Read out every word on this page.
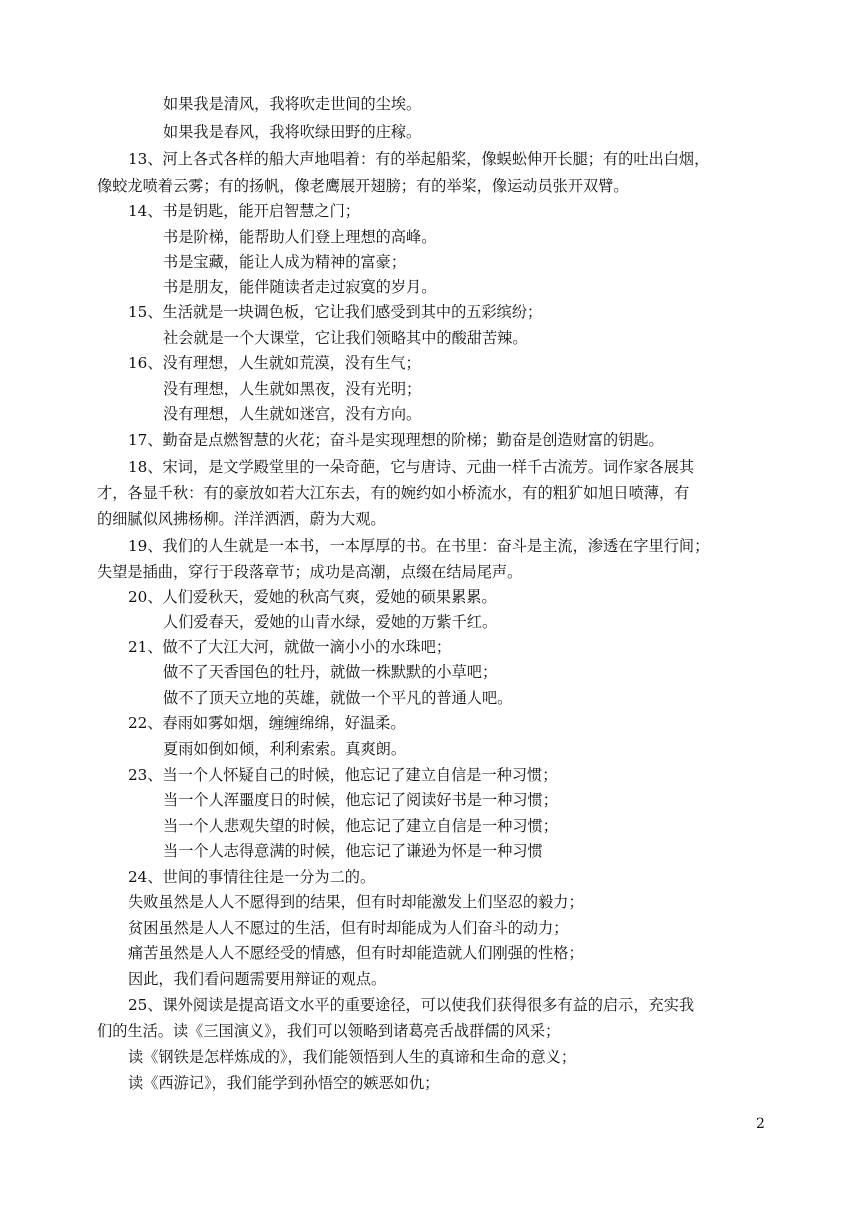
如果我是清风，我将吹走世间的尘埃。
如果我是春风，我将吹绿田野的庄稼。
13、河上各式各样的船大声地唱着：有的举起船桨，像蜈蚣伸开长腿；有的吐出白烟，
像蛟龙喷着云雾；有的扬帆，像老鹰展开翅膀；有的举桨，像运动员张开双臂。
14、书是钥匙，能开启智慧之门；
书是阶梯，能帮助人们登上理想的高峰。
书是宝藏，能让人成为精神的富豪；
书是朋友，能伴随读者走过寂寞的岁月。
15、生活就是一块调色板，它让我们感受到其中的五彩缤纷；
社会就是一个大课堂，它让我们领略其中的酸甜苦辣。
16、没有理想，人生就如荒漠，没有生气；
没有理想，人生就如黑夜，没有光明；
没有理想，人生就如迷宫，没有方向。
17、勤奋是点燃智慧的火花；奋斗是实现理想的阶梯；勤奋是创造财富的钥匙。
18、宋词，是文学殿堂里的一朵奇葩，它与唐诗、元曲一样千古流芳。词作家各展其
才，各显千秋：有的豪放如若大江东去，有的婉约如小桥流水，有的粗犷如旭日喷薄，有
的细腻似风拂杨柳。洋洋洒洒，蔚为大观。
19、我们的人生就是一本书，一本厚厚的书。在书里：奋斗是主流，渗透在字里行间；
失望是插曲，穿行于段落章节；成功是高潮，点缀在结局尾声。
20、人们爱秋天，爱她的秋高气爽，爱她的硕果累累。
人们爱春天，爱她的山青水绿，爱她的万紫千红。
21、做不了大江大河，就做一滴小小的水珠吧；
做不了天香国色的牡丹，就做一株默默的小草吧；
做不了顶天立地的英雄，就做一个平凡的普通人吧。
22、春雨如雾如烟，缠缠绵绵，好温柔。
夏雨如倒如倾，利利索索。真爽朗。
23、当一个人怀疑自己的时候，他忘记了建立自信是一种习惯；
当一个人浑噩度日的时候，他忘记了阅读好书是一种习惯；
当一个人悲观失望的时候，他忘记了建立自信是一种习惯；
当一个人志得意满的时候，他忘记了谦逊为怀是一种习惯
24、世间的事情往往是一分为二的。
失败虽然是人人不愿得到的结果，但有时却能激发上们坚忍的毅力；
贫困虽然是人人不愿过的生活，但有时却能成为人们奋斗的动力；
痛苦虽然是人人不愿经受的情感，但有时却能造就人们刚强的性格；
因此，我们看问题需要用辩证的观点。
25、课外阅读是提高语文水平的重要途径，可以使我们获得很多有益的启示，充实我
们的生活。读《三国演义》，我们可以领略到诸葛亮舌战群儒的风采；
读《钢铁是怎样炼成的》，我们能领悟到人生的真谛和生命的意义；
读《西游记》，我们能学到孙悟空的嫉恶如仇；
2
